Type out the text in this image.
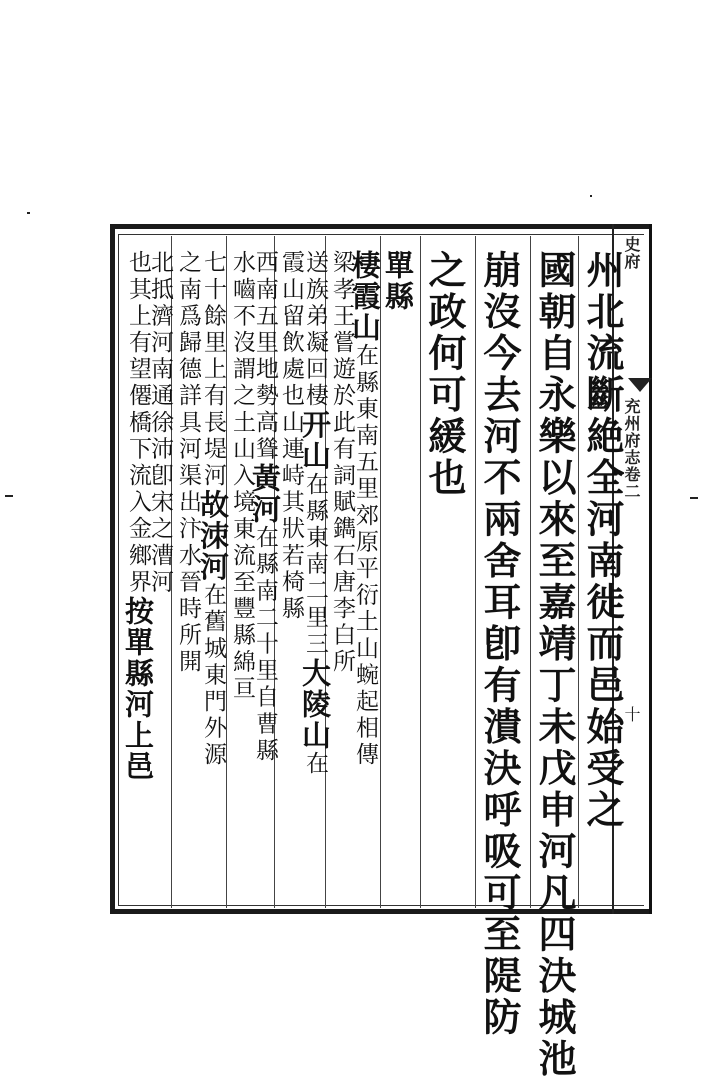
史府
充州府志卷二
十
州北流斷絶全河南徙而邑始受之
國朝自永樂以來至嘉靖丁未戊申河凡四決城池
崩沒今去河不兩舍耳卽有潰決呼吸可至隄防
之政何可緩也
單縣
棲霞山在縣東南五里郊原平衍土山蜿起相傳
梁孝王嘗遊於此有詞賦鐫石唐李白所
送族弟凝回棲开山在縣東南二里三大陵山在
霞山留飲處也山連峙其狀若椅縣
西南五里地勢高聳黃河在縣南二十里自曹縣
水嚙不沒謂之土山入境東流至豐縣綿亘
七十餘里上有長堤河故洓河在舊城東門外源
之南爲歸德詳具河渠出汴水晉時所開
北抵濟河南通徐沛卽宋之漕河
也其上有望僊橋下流入金鄉界按單縣河上邑
